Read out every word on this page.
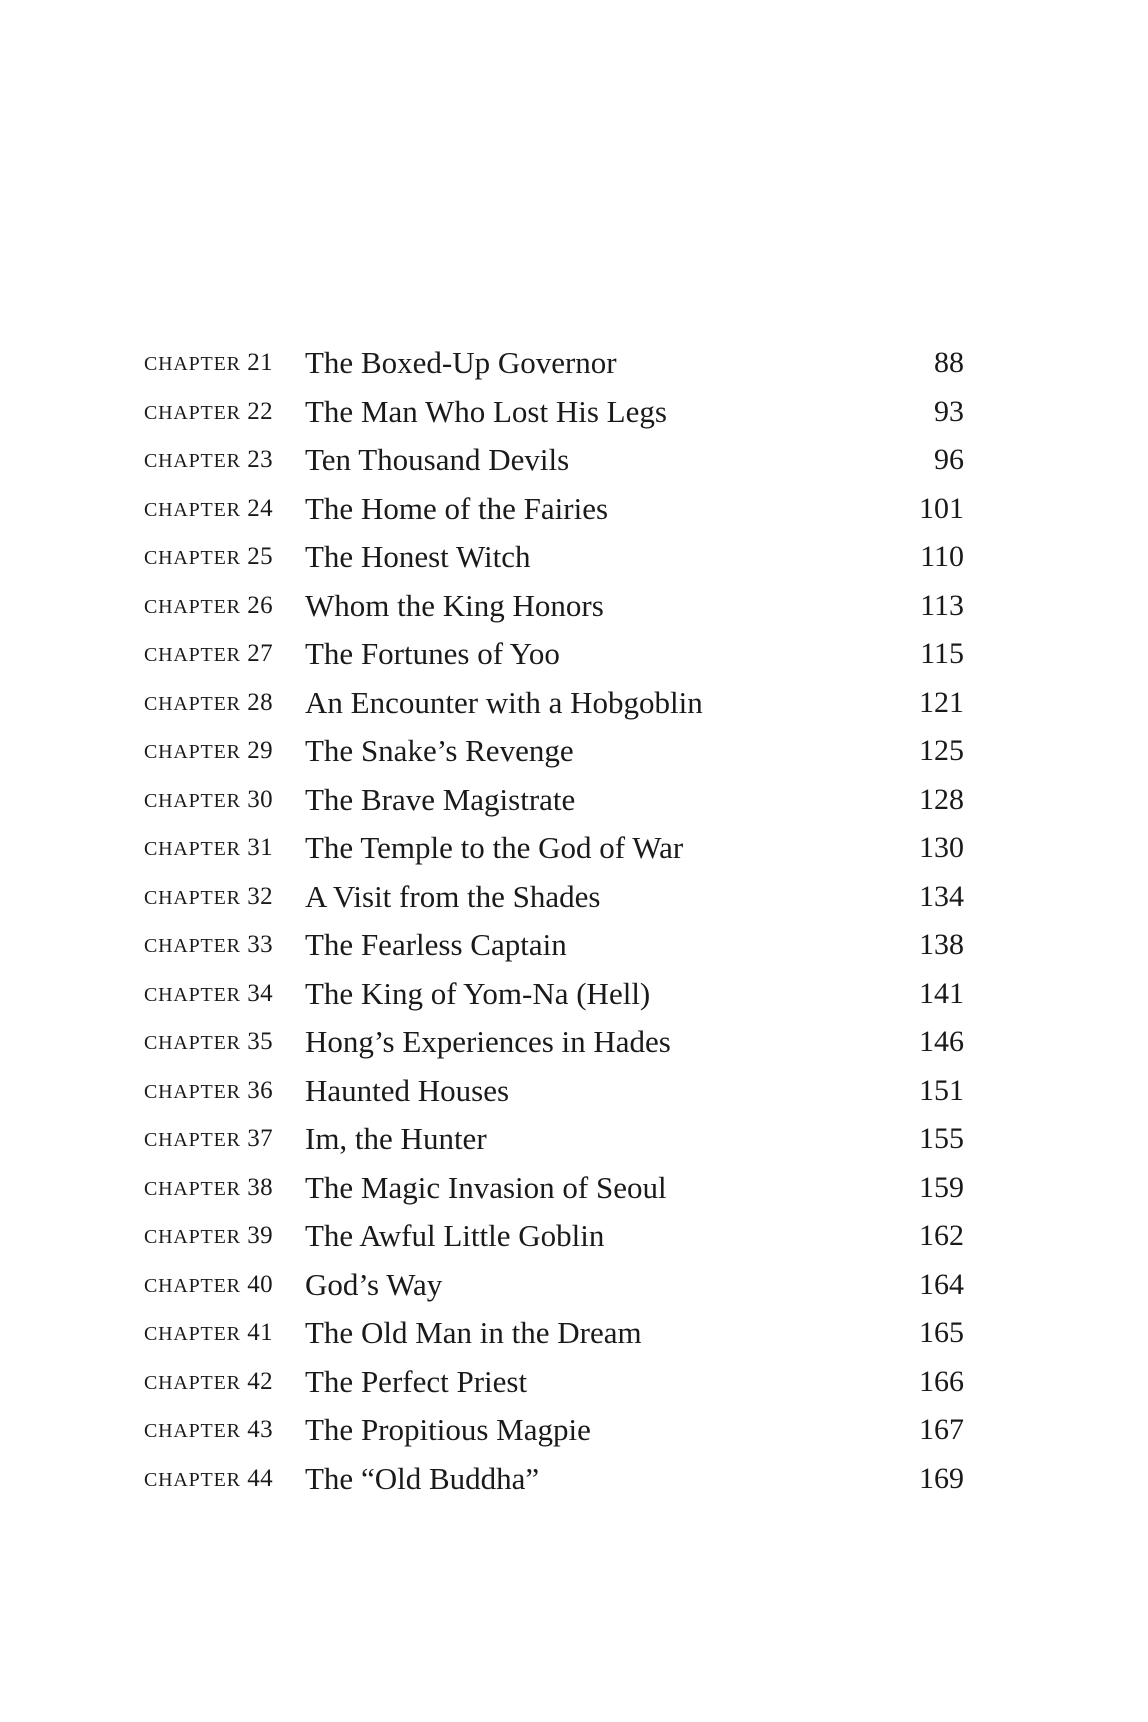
CHAPTER 21 The Boxed-Up Governor	88
CHAPTER 22 The Man Who Lost His Legs	93
CHAPTER 23 Ten Thousand Devils	96
CHAPTER 24 The Home of the Fairies	101
CHAPTER 25 The Honest Witch	110
CHAPTER 26 Whom the King Honors	113
CHAPTER 27 The Fortunes of Yoo	115
CHAPTER 28 An Encounter with a Hobgoblin	121
CHAPTER 29 The Snake’s Revenge	125
CHAPTER 30 The Brave Magistrate	128
CHAPTER 31 The Temple to the God of War	130
CHAPTER 32 A Visit from the Shades	134
CHAPTER 33 The Fearless Captain	138
CHAPTER 34 The King of Yom-Na (Hell)	141
CHAPTER 35 Hong’s Experiences in Hades	146
CHAPTER 36 Haunted Houses	151
CHAPTER 37 Im, the Hunter	155
CHAPTER 38 The Magic Invasion of Seoul	159
CHAPTER 39 The Awful Little Goblin	162
CHAPTER 40 God’s Way	164
CHAPTER 41 The Old Man in the Dream	165
CHAPTER 42 The Perfect Priest	166
CHAPTER 43 The Propitious Magpie	167
CHAPTER 44 The “Old Buddha”	169
